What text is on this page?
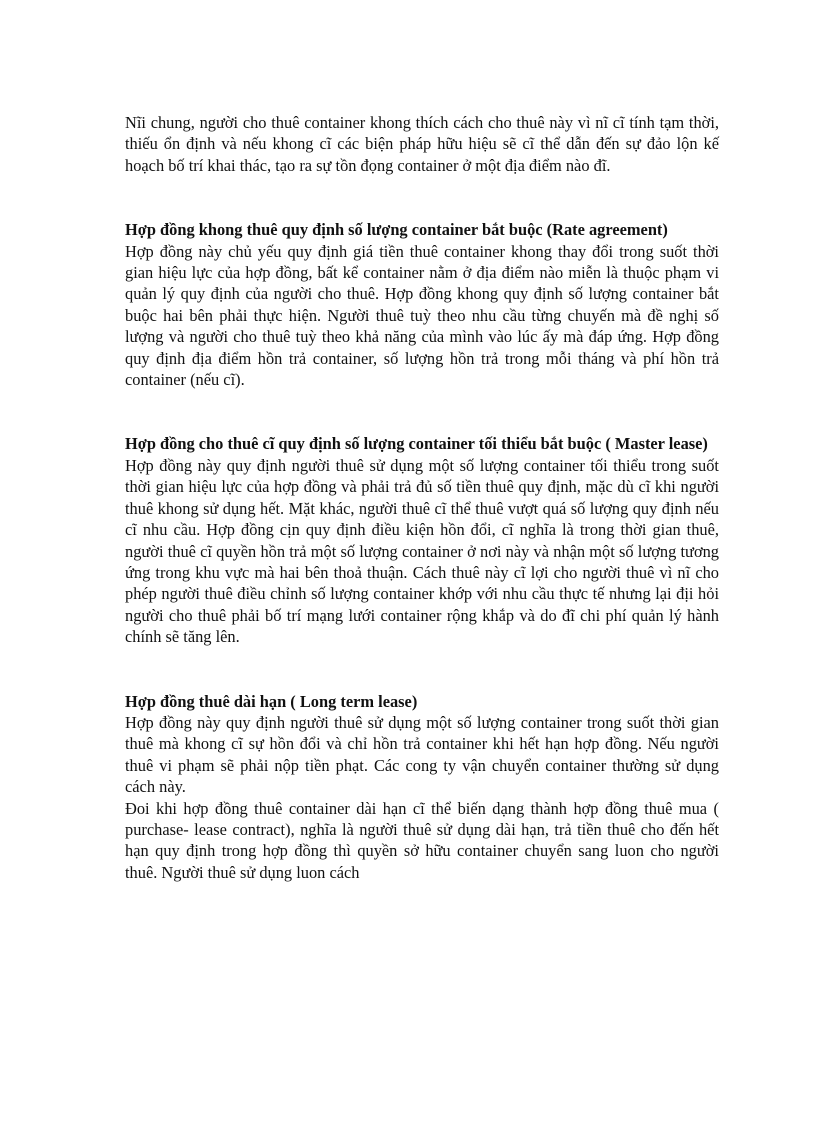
Nĩi chung, người cho thuê container khong thích cách cho thuê này vì nĩ cĩ tính tạm thời, thiếu ổn định và nếu khong cĩ các biện pháp hữu hiệu sẽ cĩ thể dẫn đến sự đảo lộn kế hoạch bố trí khai thác, tạo ra sự tồn đọng container ở một địa điểm nào đĩ.

Hợp đồng khong thuê quy định số lượng container bắt buộc (Rate agreement)

Hợp đồng này chủ yếu quy định giá tiền thuê container khong thay đổi trong suốt thời gian hiệu lực của hợp đồng, bất kể container nằm ở địa điểm nào miễn là thuộc phạm vi quản lý quy định của người cho thuê. Hợp đồng khong quy định số lượng container bắt buộc hai bên phải thực hiện. Người thuê tuỳ theo nhu cầu từng chuyến mà đề nghị số lượng và người cho thuê tuỳ theo khả năng của mình vào lúc ấy mà đáp ứng. Hợp đồng quy định địa điểm hồn trả container, số lượng hồn trả trong mỗi tháng và phí hồn trả container (nếu cĩ).

Hợp đồng cho thuê cĩ quy định số lượng container tối thiểu bắt buộc ( Master lease)

Hợp đồng này quy định người thuê sử dụng một số lượng container tối thiểu trong suốt thời gian hiệu lực của hợp đồng và phải trả đủ số tiền thuê quy định, mặc dù cĩ khi người thuê khong sử dụng hết. Mặt khác, người thuê cĩ thể thuê vượt quá số lượng quy định nếu cĩ nhu cầu. Hợp đồng cịn quy định điều kiện hồn đổi, cĩ nghĩa là trong thời gian thuê, người thuê cĩ quyền hồn trả một số lượng container ở nơi này và nhận một số lượng tương ứng trong khu vực mà hai bên thoả thuận. Cách thuê này cĩ lợi cho người thuê vì nĩ cho phép người thuê điều chỉnh số lượng container khớp với nhu cầu thực tế nhưng lại địi hỏi người cho thuê phải bố trí mạng lưới container rộng khắp và do đĩ chi phí quản lý hành chính sẽ tăng lên.

Hợp đồng thuê dài hạn ( Long term lease)

Hợp đồng này quy định người thuê sử dụng một số lượng container trong suốt thời gian thuê mà khong cĩ sự hồn đổi và chỉ hồn trả container khi hết hạn hợp đồng. Nếu người thuê vi phạm sẽ phải nộp tiền phạt. Các cong ty vận chuyển container thường sử dụng cách này.

Đoi khi hợp đồng thuê container dài hạn cĩ thể biến dạng thành hợp đồng thuê mua ( purchase- lease contract), nghĩa là người thuê sử dụng dài hạn, trả tiền thuê cho đến hết hạn quy định trong hợp đồng thì quyền sở hữu container chuyển sang luon cho người thuê. Người thuê sử dụng luon cách
